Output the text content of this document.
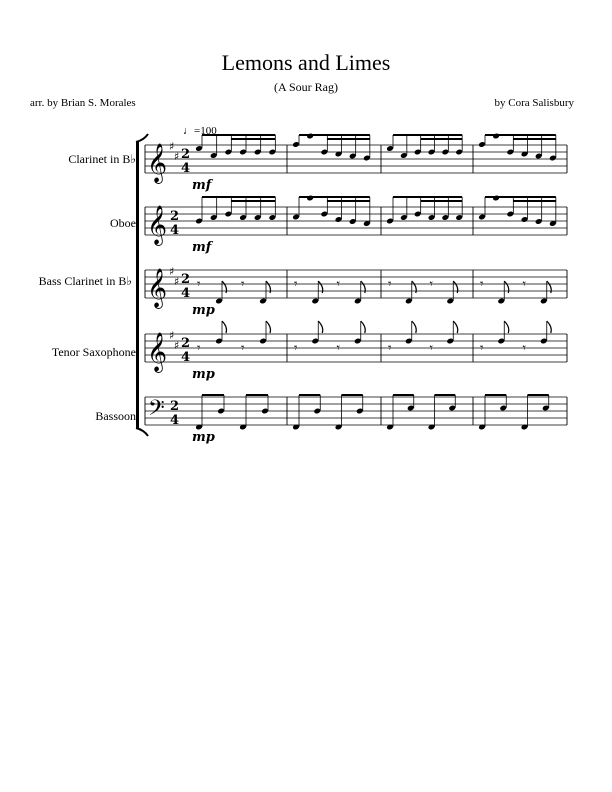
Lemons and Limes
(A Sour Rag)
arr. by Brian S. Morales	by Cora Salisbury
♩=100
Clarinet in B♭
Oboe
Bass Clarinet in B♭
Tenor Saxophone
Bassoon
𝄞 ♯
♯ 2
4
mf
𝄞 2
4
mf
𝄞 ♯
♯ 2
4
mp
𝄾	𝄾	𝄾	𝄾	𝄾	𝄾	𝄾	𝄾
𝄞 ♯
♯ 2
4
mp
𝄾	𝄾	𝄾	𝄾	𝄾	𝄾	𝄾	𝄾
𝄢 2
4
mp
